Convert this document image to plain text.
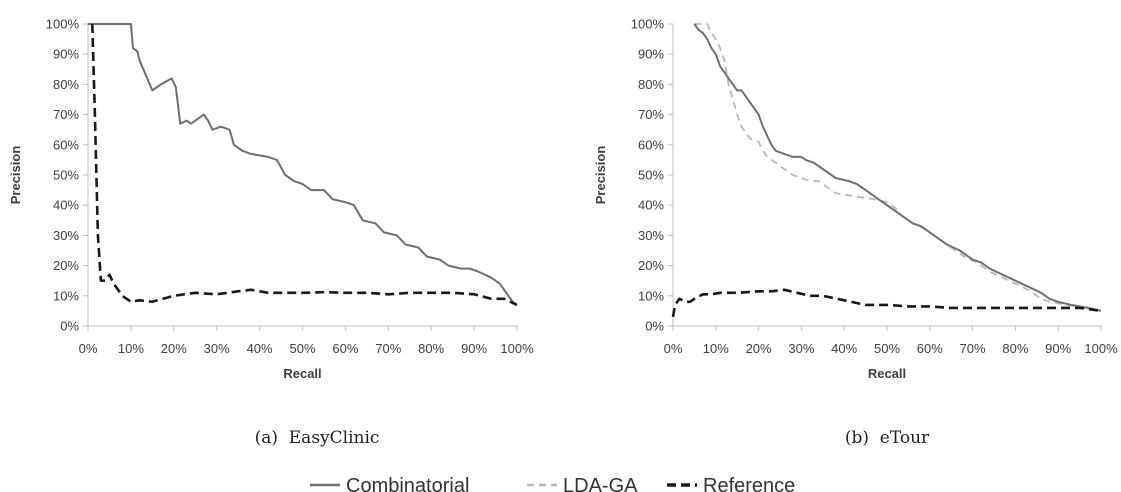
0%
10%
20%
30%
40%
50%
60%
70%
80%
90%
100%
0% 10% 20% 30% 40% 50% 60% 70% 80% 90% 100%
Recall
Precision
(a)  EasyClinic
0%
10%
20%
30%
40%
50%
60%
70%
80%
90%
100%
0% 10% 20% 30% 40% 50% 60% 70% 80% 90% 100%
Recall
Precision
(b)  eTour
Combinatorial	LDA-GA	Reference
